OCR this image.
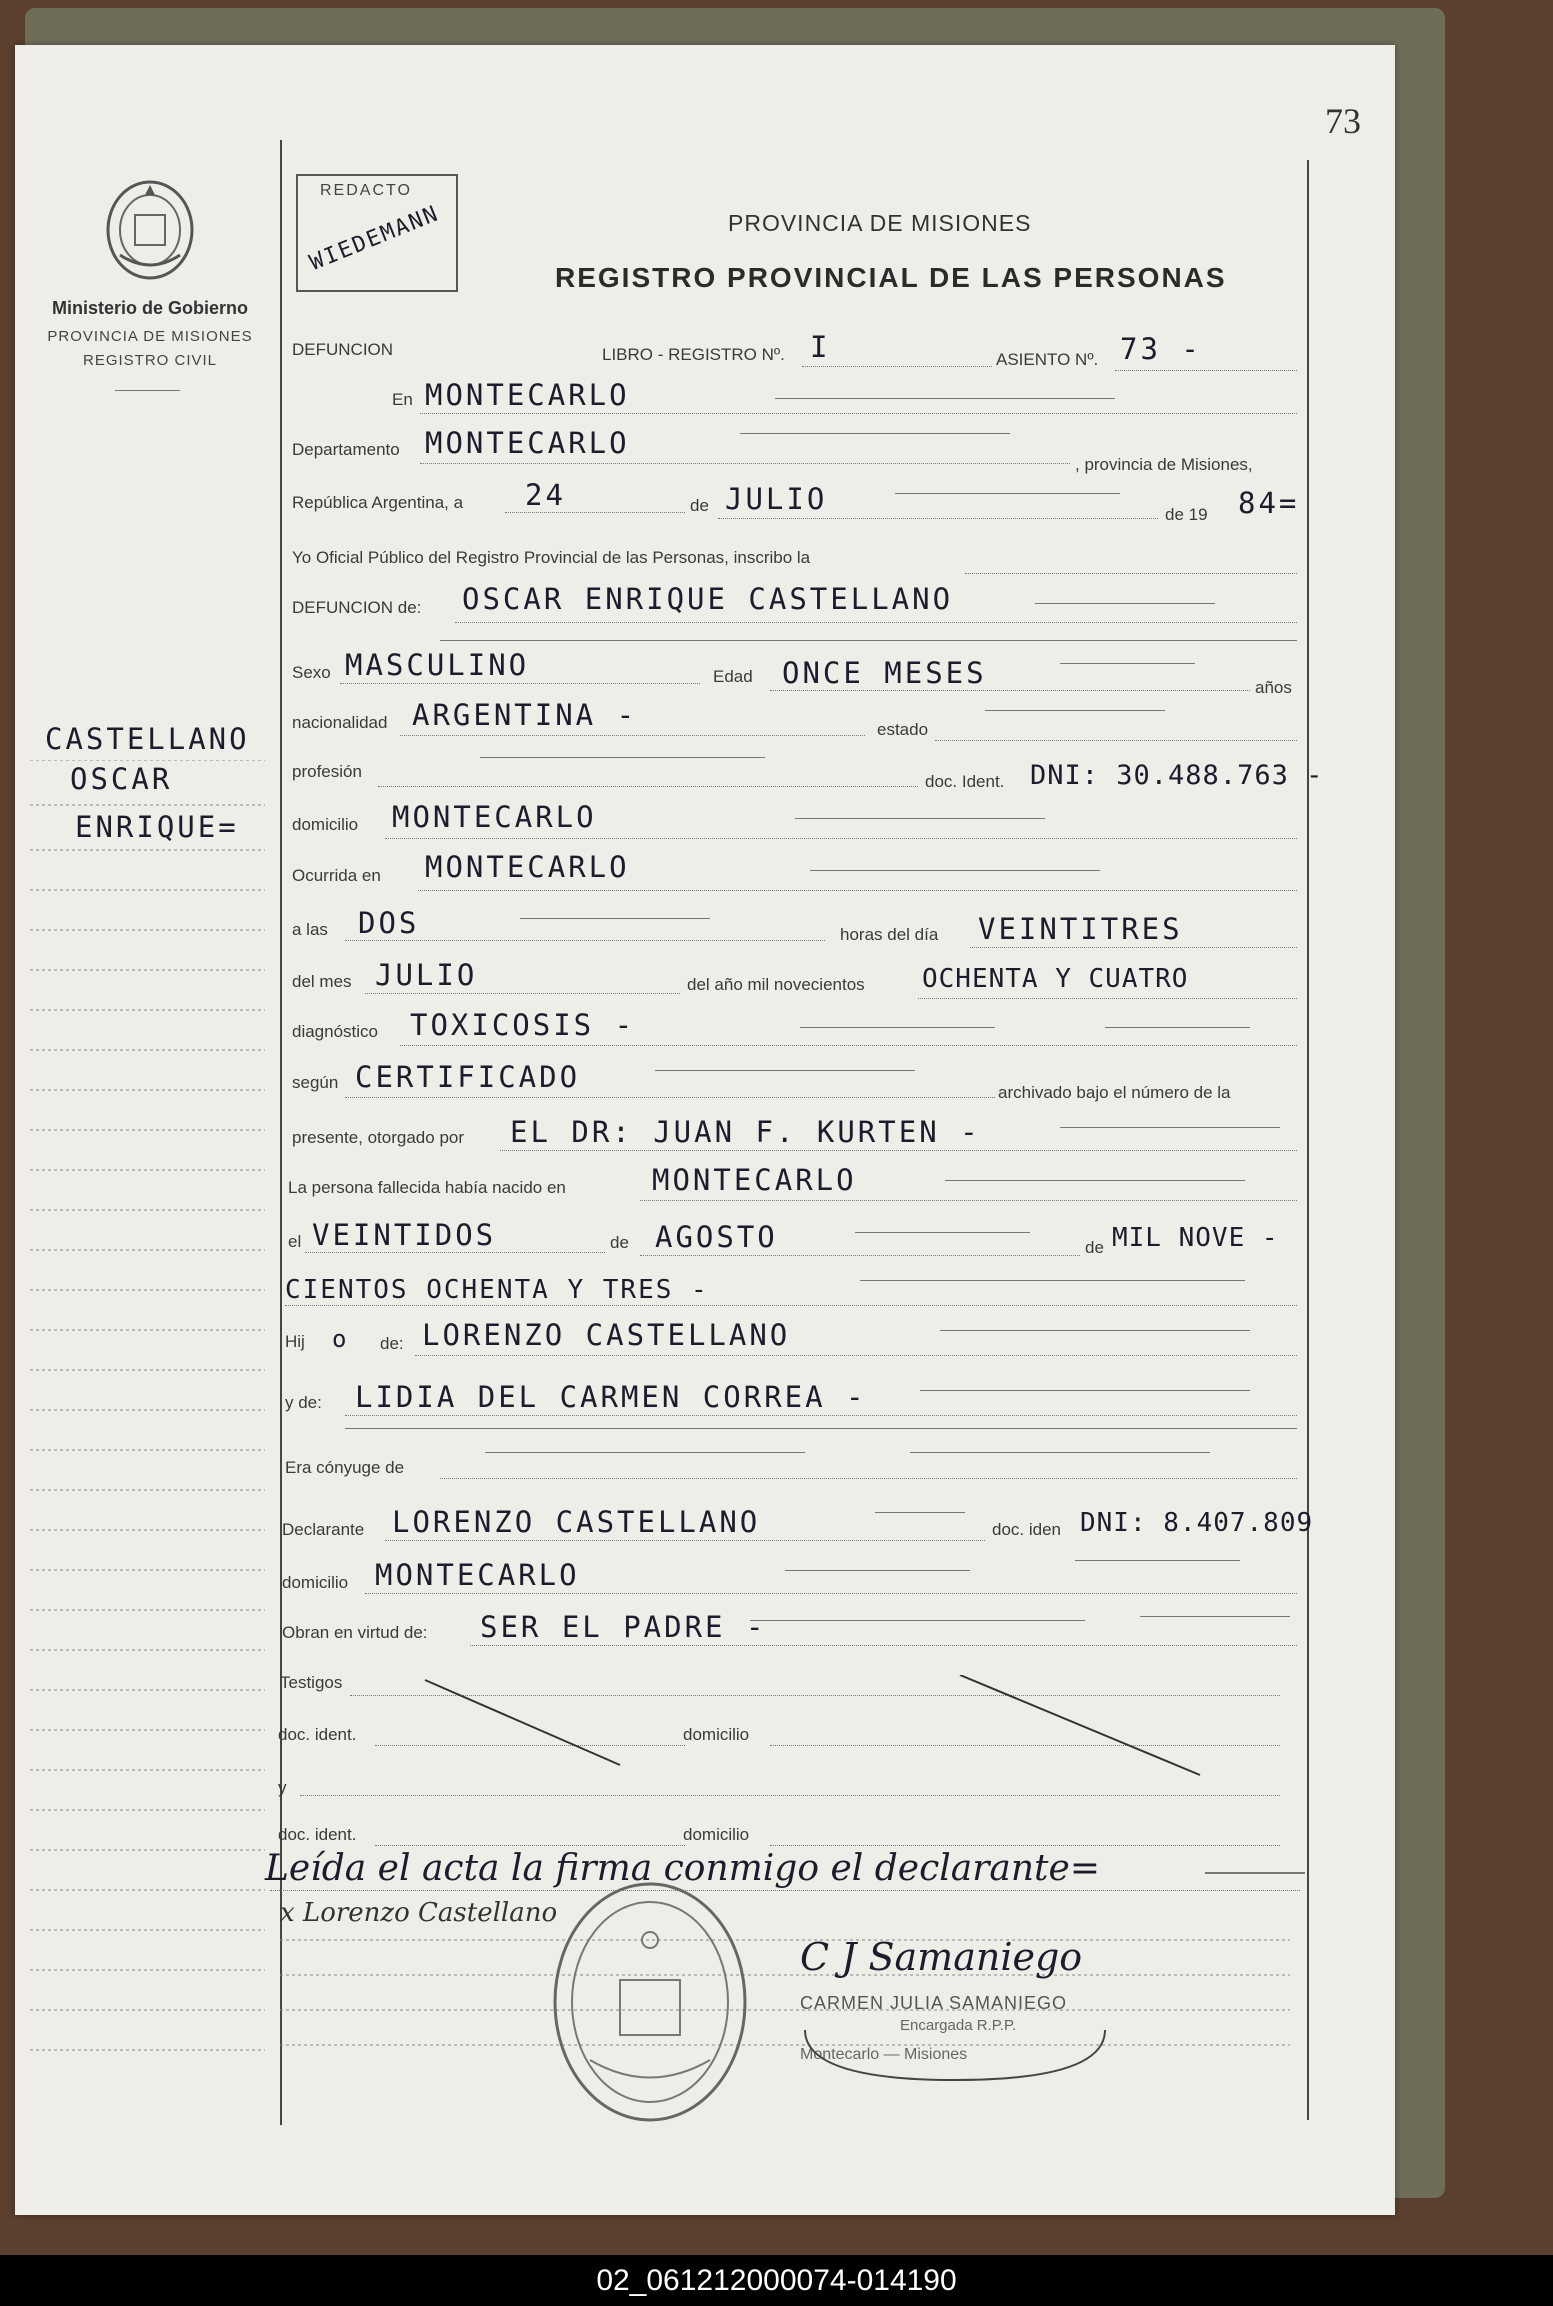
73
Ministerio de Gobierno
PROVINCIA DE MISIONES
REGISTRO CIVIL
REDACTO
WIEDEMANN	PROVINCIA DE MISIONES
REGISTRO PROVINCIAL DE LAS PERSONAS
CASTELLANO
OSCAR
ENRIQUE=
DEFUNCION	LIBRO - REGISTRO Nº. I	ASIENTO Nº. 73 -
En MONTECARLO
Departamento MONTECARLO
, provincia de Misiones,
República Argentina, a 24	de JULIO	de 19 84=
Yo Oficial Público del Registro Provincial de las Personas, inscribo la
DEFUNCION de: OSCAR ENRIQUE CASTELLANO
Sexo MASCULINO	Edad ONCE MESES	años
nacionalidad ARGENTINA -	estado
profesión
doc. Ident. DNI: 30.488.763 -
domicilio MONTECARLO
Ocurrida en MONTECARLO
a las DOS	horas del día VEINTITRES
del mes JULIO	del año mil novecientos OCHENTA Y CUATRO
diagnóstico TOXICOSIS -
según CERTIFICADO	archivado bajo el número de la
presente, otorgado por EL DR: JUAN F. KURTEN -
La persona fallecida había nacido en	MONTECARLO
el VEINTIDOS	de AGOSTO	de MIL NOVE -
CIENTOS OCHENTA Y TRES -
Hij o de: LORENZO CASTELLANO
y de: LIDIA DEL CARMEN CORREA -
Era cónyuge de
Declarante LORENZO CASTELLANO	doc. iden DNI: 8.407.809
domicilio MONTECARLO
Obran en virtud de: SER EL PADRE -
Testigos
doc. ident.	domicilio
y
doc. ident.	domicilio
Leída el acta la firma conmigo el declarante=
x Lorenzo Castellano
C J Samaniego
CARMEN JULIA SAMANIEGO
Encargada R.P.P.
Montecarlo — Misiones
02_061212000074-014190
